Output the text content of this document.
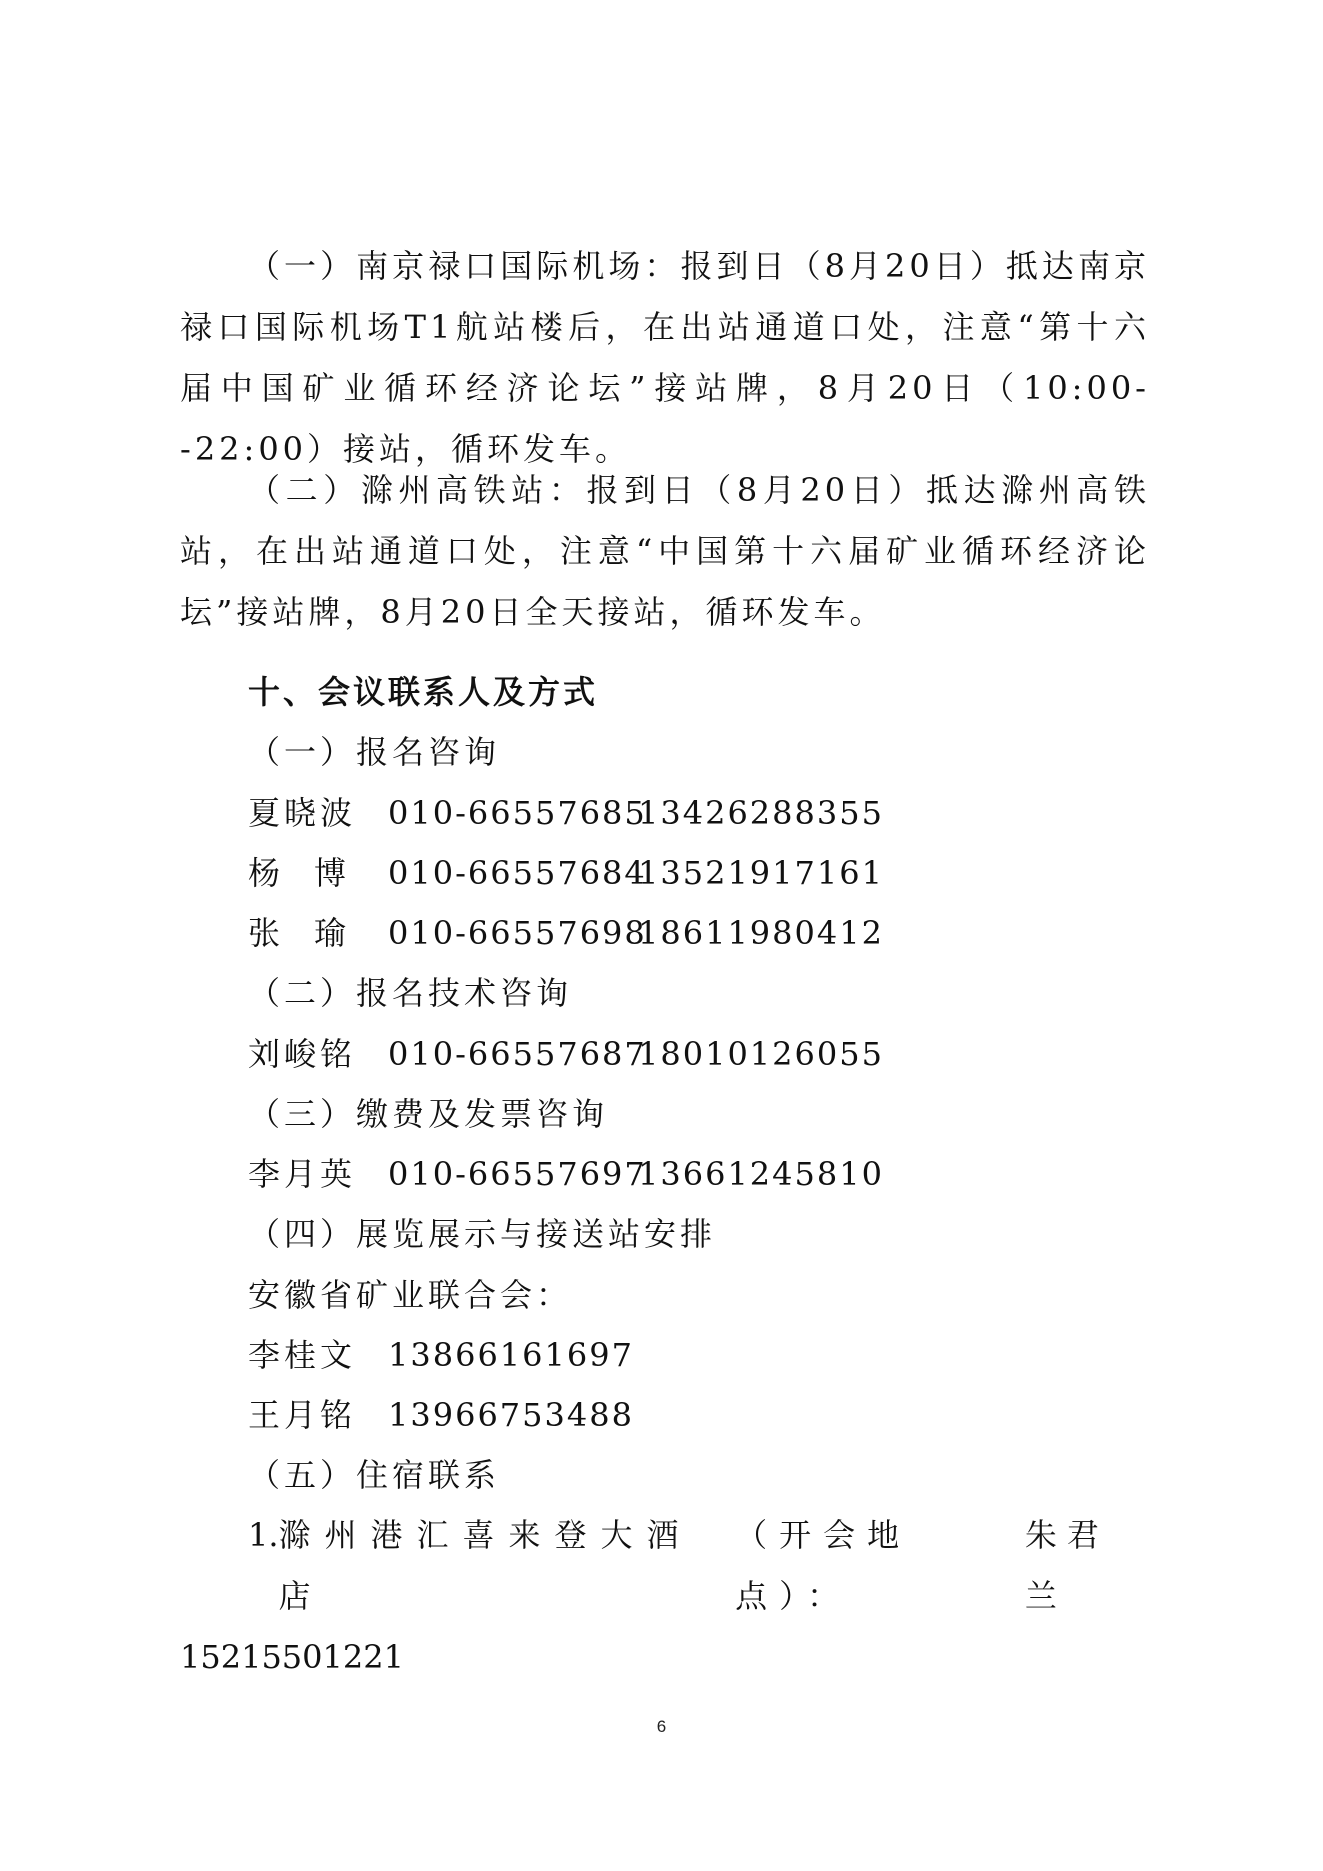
（一）南京禄口国际机场：报到日（8月20日）抵达南京禄口国际机场T1航站楼后，在出站通道口处，注意“第十六届中国矿业循环经济论坛”接站牌，8月20日（10:00--22:00）接站，循环发车。
（二）滁州高铁站：报到日（8月20日）抵达滁州高铁站，在出站通道口处，注意“中国第十六届矿业循环经济论坛”接站牌，8月20日全天接站，循环发车。
十、会议联系人及方式
（一）报名咨询
夏晓波 010-6655768513426288355
杨博 010-6655768413521917161
张瑜 010-6655769818611980412
（二）报名技术咨询
刘峻铭 010-6655768718010126055
（三）缴费及发票咨询
李月英 010-6655769713661245810
（四）展览展示与接送站安排
安徽省矿业联合会：
李桂文 13866161697
王月铭 13966753488
（五）住宿联系
1. 滁州港汇喜来登大酒店
（开会地点）：
朱君兰
15215501221
6
